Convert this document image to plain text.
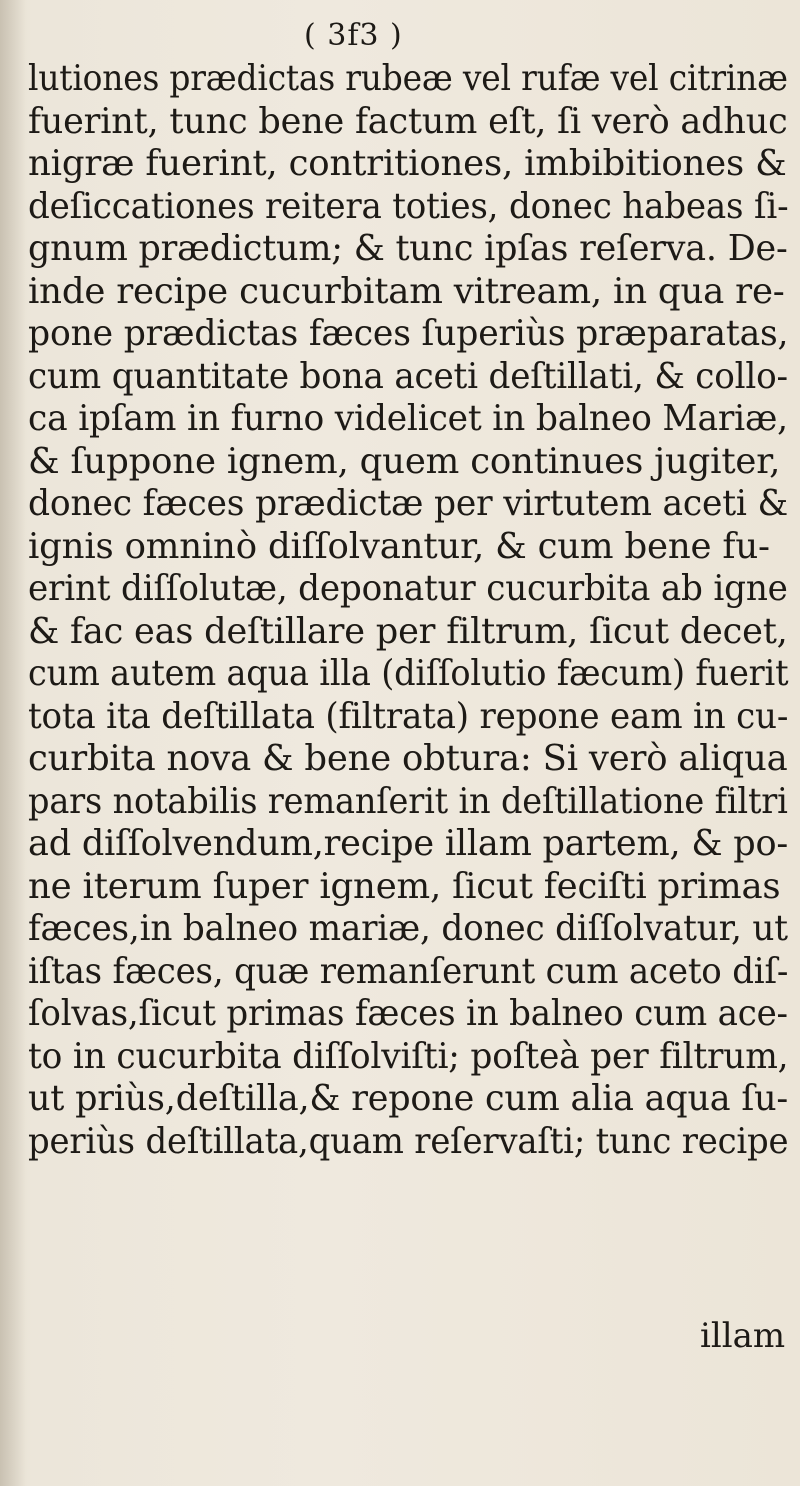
( 3f3 )
lutiones prædictas rubeæ vel rufæ vel citrinæ
fuerint, tunc bene factum eſt, ſi verò adhuc
nigræ fuerint, contritiones, imbibitiones &
deſiccationes reitera toties, donec habeas ſi-
gnum prædictum; & tunc ipſas reſerva. De-
inde recipe cucurbitam vitream, in qua re-
pone prædictas fæces ſuperiùs præparatas,
cum quantitate bona aceti deſtillati, & collo-
ca ipſam in furno videlicet in balneo Mariæ,
& ſuppone ignem, quem continues jugiter,
donec fæces prædictæ per virtutem aceti &
ignis omninò diſſolvantur, & cum bene fu-
erint diſſolutæ, deponatur cucurbita ab igne
& fac eas deſtillare per filtrum, ſicut decet,
cum autem aqua illa (diſſolutio fæcum) fuerit
tota ita deſtillata (filtrata) repone eam in cu-
curbita nova & bene obtura: Si verò aliqua
pars notabilis remanſerit in deſtillatione filtri
ad diſſolvendum,recipe illam partem, & po-
ne iterum ſuper ignem, ſicut feciſti primas
fæces,in balneo mariæ, donec diſſolvatur, ut
iſtas fæces, quæ remanſerunt cum aceto diſ-
ſolvas,ſicut primas fæces in balneo cum ace-
to in cucurbita diſſolviſti; poſteà per filtrum,
ut priùs,deſtilla,& repone cum alia aqua ſu-
periùs deſtillata,quam reſervaſti; tunc recipe
illam
